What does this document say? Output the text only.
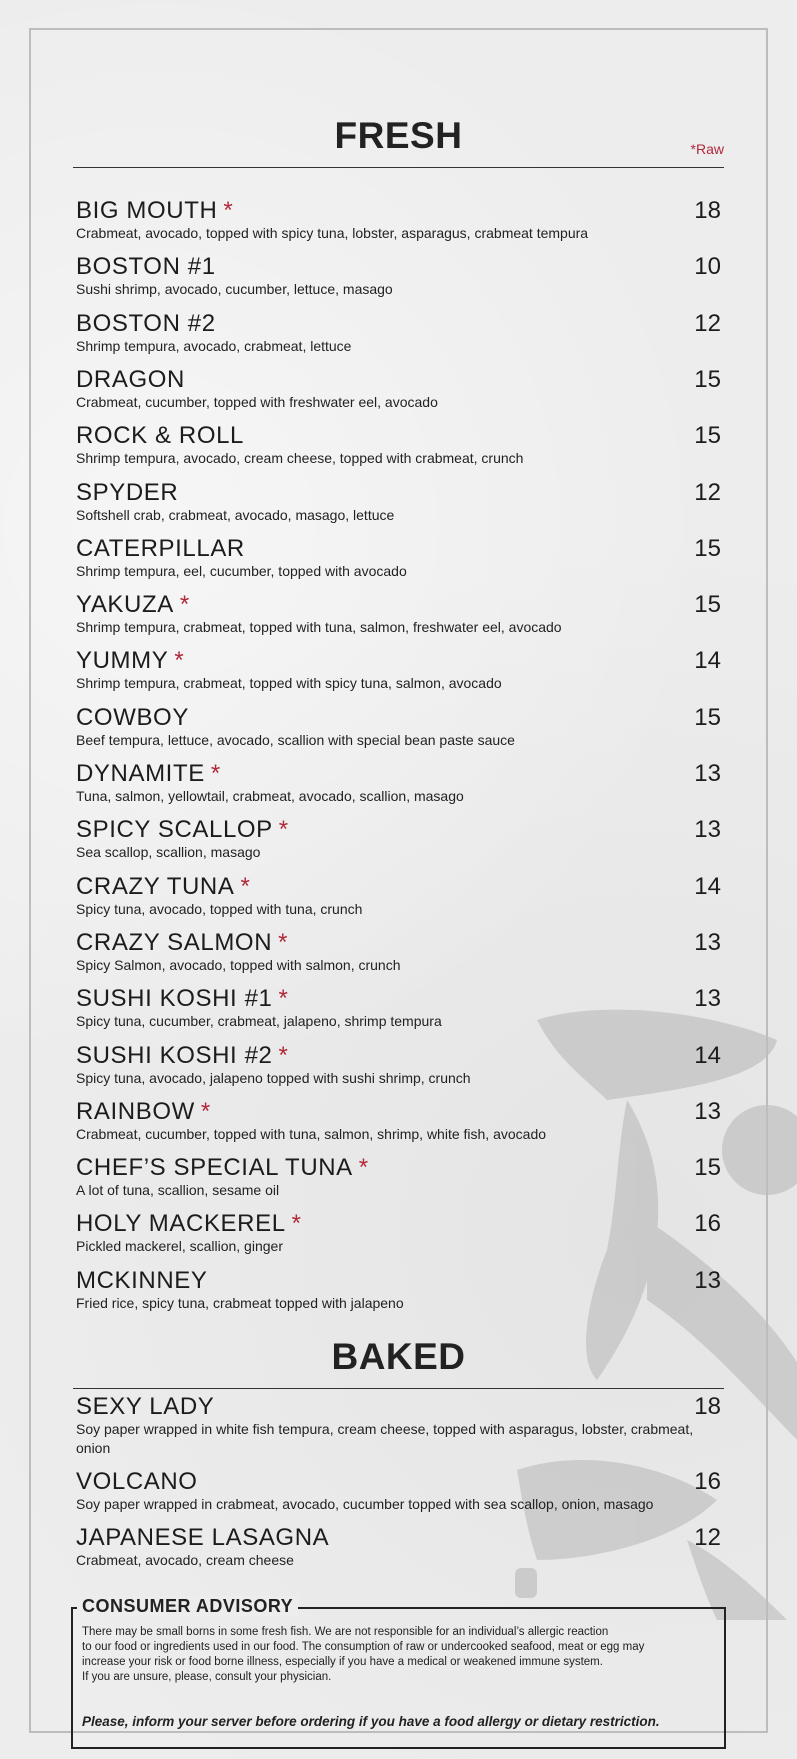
FRESH	*Raw
BIG MOUTH *	18
Crabmeat, avocado, topped with spicy tuna, lobster, asparagus, crabmeat tempura
BOSTON #1	10
Sushi shrimp, avocado, cucumber, lettuce, masago
BOSTON #2	12
Shrimp tempura, avocado, crabmeat, lettuce
DRAGON	15
Crabmeat, cucumber, topped with freshwater eel, avocado
ROCK & ROLL	15
Shrimp tempura, avocado, cream cheese, topped with crabmeat, crunch
SPYDER	12
Softshell crab, crabmeat, avocado, masago, lettuce
CATERPILLAR	15
Shrimp tempura, eel, cucumber, topped with avocado
YAKUZA *	15
Shrimp tempura, crabmeat, topped with tuna, salmon, freshwater eel, avocado
YUMMY *	14
Shrimp tempura, crabmeat, topped with spicy tuna, salmon, avocado
COWBOY	15
Beef tempura, lettuce, avocado, scallion with special bean paste sauce
DYNAMITE *	13
Tuna, salmon, yellowtail, crabmeat, avocado, scallion, masago
SPICY SCALLOP *	13
Sea scallop, scallion, masago
CRAZY TUNA *	14
Spicy tuna, avocado, topped with tuna, crunch
CRAZY SALMON *	13
Spicy Salmon, avocado, topped with salmon, crunch
SUSHI KOSHI #1 *	13
Spicy tuna, cucumber, crabmeat, jalapeno, shrimp tempura
SUSHI KOSHI #2 *	14
Spicy tuna, avocado, jalapeno topped with sushi shrimp, crunch
RAINBOW *	13
Crabmeat, cucumber, topped with tuna, salmon, shrimp, white fish, avocado
CHEF’S SPECIAL TUNA *	15
A lot of tuna, scallion, sesame oil
HOLY MACKEREL *	16
Pickled mackerel, scallion, ginger
MCKINNEY	13
Fried rice, spicy tuna, crabmeat topped with jalapeno
BAKED
SEXY LADY	18
Soy paper wrapped in white fish tempura, cream cheese, topped with asparagus, lobster, crabmeat, onion
VOLCANO	16
Soy paper wrapped in crabmeat, avocado, cucumber topped with sea scallop, onion, masago
JAPANESE LASAGNA	12
Crabmeat, avocado, cream cheese
CONSUMER ADVISORY
There may be small borns in some fresh fish. We are not responsible for an individual’s allergic reaction
to our food or ingredients used in our food. The consumption of raw or undercooked seafood, meat or egg may
increase your risk or food borne illness, especially if you have a medical or weakened immune system.
If you are unsure, please, consult your physician.
Please, inform your server before ordering if you have a food allergy or dietary restriction.
